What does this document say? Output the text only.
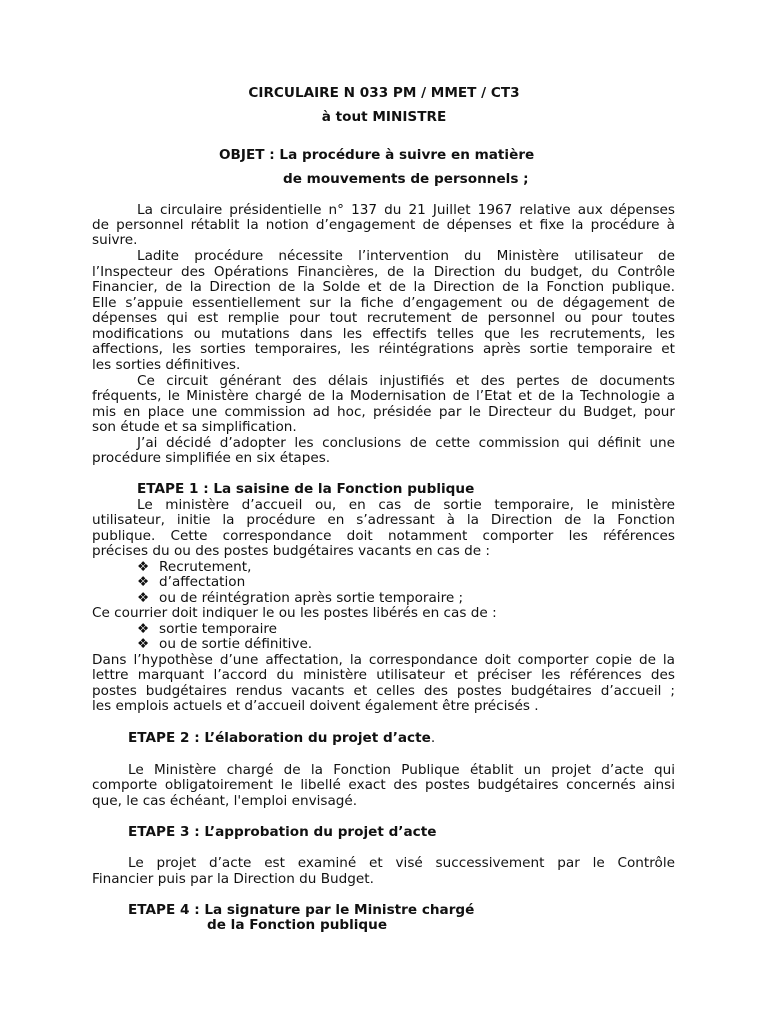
CIRCULAIRE N 033 PM / MMET / CT3
à tout MINISTRE
OBJET : La procédure à suivre en matière
de mouvements de personnels ;
La circulaire présidentielle n° 137 du 21 Juillet 1967 relative aux dépenses
de personnel rétablit la notion d’engagement de dépenses et fixe la procédure à
suivre.
Ladite procédure nécessite l’intervention du Ministère utilisateur de
l’Inspecteur des Opérations Financières, de la Direction du budget, du Contrôle
Financier, de la Direction de la Solde et de la Direction de la Fonction publique.
Elle s’appuie essentiellement sur la fiche d’engagement ou de dégagement de
dépenses qui est remplie pour tout recrutement de personnel ou pour toutes
modifications ou mutations dans les effectifs telles que les recrutements, les
affections, les sorties temporaires, les réintégrations après sortie temporaire et
les sorties définitives.
Ce circuit générant des délais injustifiés et des pertes de documents
fréquents, le Ministère chargé de la Modernisation de l’Etat et de la Technologie a
mis en place une commission ad hoc, présidée par le Directeur du Budget, pour
son étude et sa simplification.
J’ai décidé d’adopter les conclusions de cette commission qui définit une
procédure simplifiée en six étapes.
ETAPE 1 : La saisine de la Fonction publique
Le ministère d’accueil ou, en cas de sortie temporaire, le ministère
utilisateur, initie la procédure en s’adressant à la Direction de la Fonction
publique. Cette correspondance doit notamment comporter les références
précises du ou des postes budgétaires vacants en cas de :
❖ Recrutement,
❖ d’affectation
❖ ou de réintégration après sortie temporaire ;
Ce courrier doit indiquer le ou les postes libérés en cas de :
❖ sortie temporaire
❖ ou de sortie définitive.
Dans l’hypothèse d’une affectation, la correspondance doit comporter copie de la
lettre marquant l’accord du ministère utilisateur et préciser les références des
postes budgétaires rendus vacants et celles des postes budgétaires d’accueil ;
les emplois actuels et d’accueil doivent également être précisés .
ETAPE 2 : L’élaboration du projet d’acte.
Le Ministère chargé de la Fonction Publique établit un projet d’acte qui
comporte obligatoirement le libellé exact des postes budgétaires concernés ainsi
que, le cas échéant, l'emploi envisagé.
ETAPE 3 : L’approbation du projet d’acte
Le projet d’acte est examiné et visé successivement par le Contrôle
Financier puis par la Direction du Budget.
ETAPE 4 : La signature par le Ministre chargé
de la Fonction publique
